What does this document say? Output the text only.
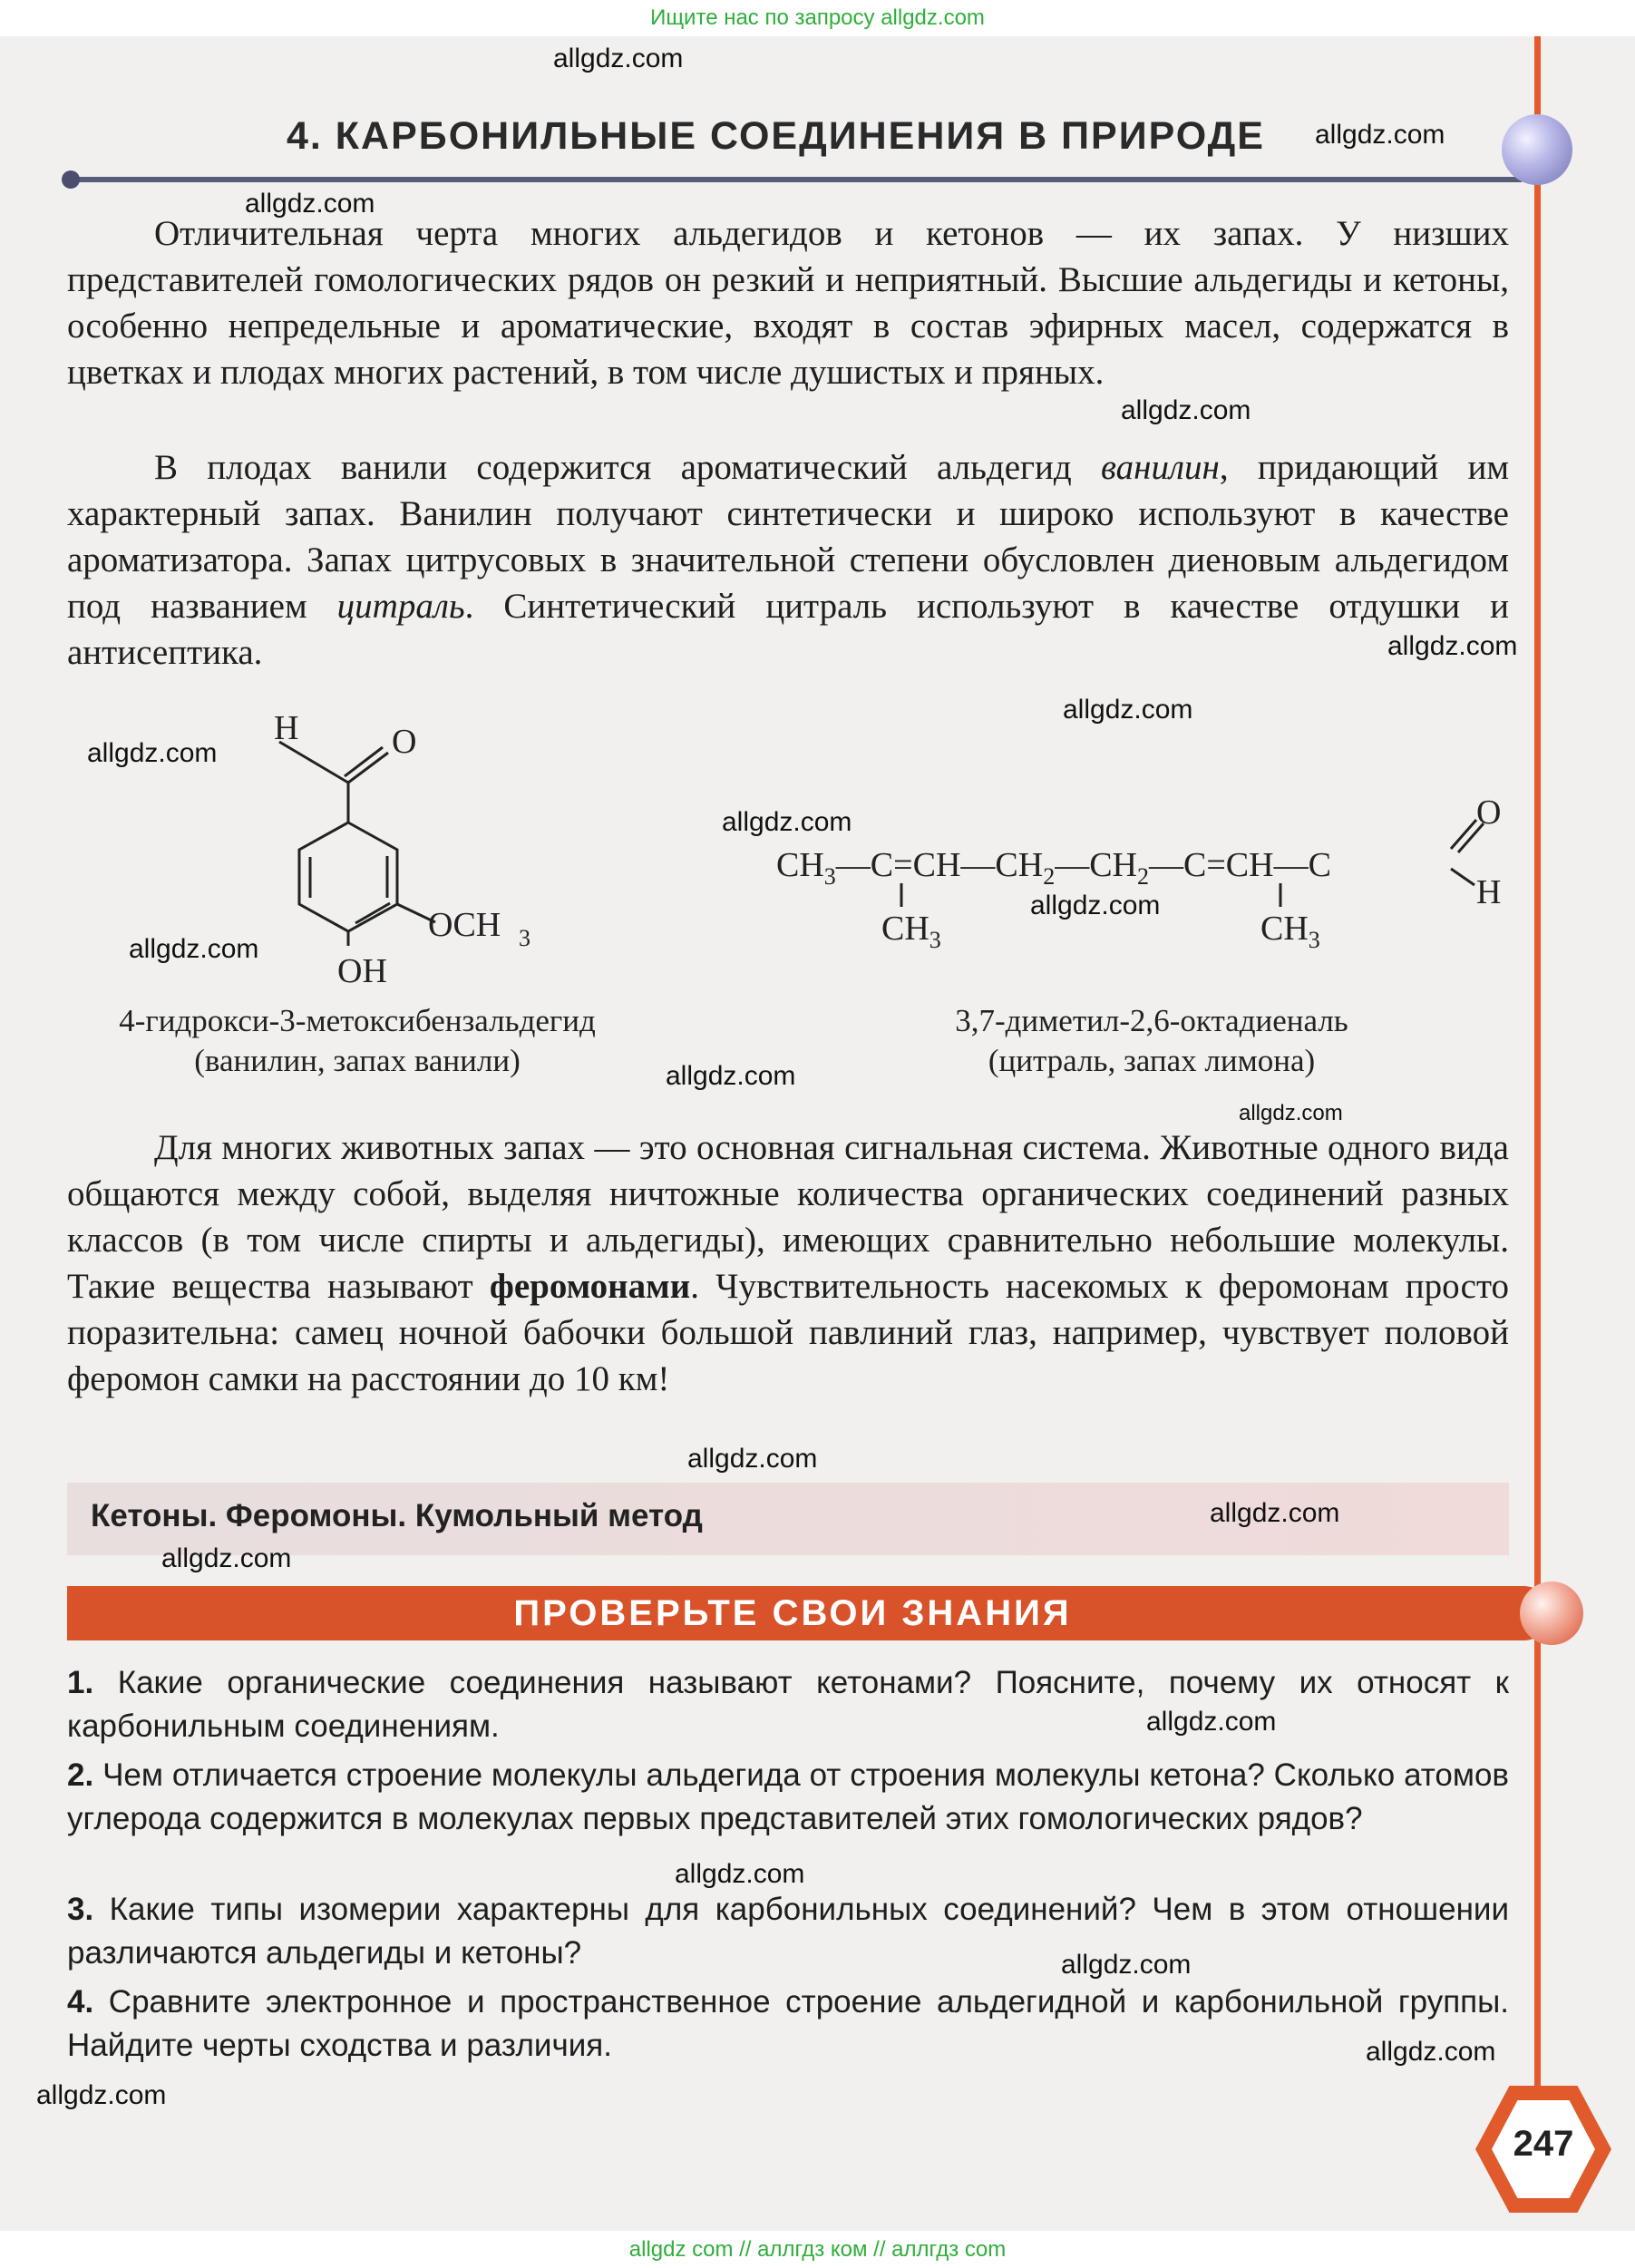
Ищите нас по запросу allgdz.com
4. КАРБОНИЛЬНЫЕ СОЕДИНЕНИЯ В ПРИРОДЕ

Отличительная черта многих альдегидов и кетонов — их запах. У низших представителей гомологических рядов он резкий и неприятный. Высшие альдегиды и кетоны, особенно непредельные и ароматические, входят в состав эфирных масел, содержатся в цветках и плодах многих растений, в том числе душистых и пряных.

В плодах ванили содержится ароматический альдегид ванилин, придающий им характерный запах. Ванилин получают синтетически и широко используют в качестве ароматизатора. Запах цитрусовых в значительной степени обусловлен диеновым альдегидом под названием цитраль. Синтетический цитраль используют в качестве отдушки и антисептика.

H	O
OCH 3
OH
$CH_3—C=CH—CH_2—CH_2—C=CH—C$
$CH_3$	$CH_3$
O
H
4-гидрокси-3-метоксибензальдегид
(ванилин, запах ванили)
3,7-диметил-2,6-октадиеналь
(цитраль, запах лимона)

Для многих животных запах — это основная сигнальная система. Животные одного вида общаются между собой, выделяя ничтожные количества органических соединений разных классов (в том числе спирты и альдегиды), имеющих сравнительно небольшие молекулы. Такие вещества называют феромонами. Чувствительность насекомых к феромонам просто поразительна: самец ночной бабочки большой павлиний глаз, например, чувствует половой феромон самки на расстоянии до 10 км!

Кетоны. Феромоны. Кумольный метод
ПРОВЕРЬТЕ СВОИ ЗНАНИЯ
1. Какие органические соединения называют кетонами? Поясните, почему их относят к карбонильным соединениям.
2. Чем отличается строение молекулы альдегида от строения молекулы кетона? Сколько атомов углерода содержится в молекулах первых представителей этих гомологических рядов?
3. Какие типы изомерии характерны для карбонильных соединений? Чем в этом отношении различаются альдегиды и кетоны?
4. Сравните электронное и пространственное строение альдегидной и карбонильной группы. Найдите черты сходства и различия.
247
allgdz.com
allgdz.com
allgdz.com
allgdz.com
allgdz.com
allgdz.com
allgdz.com
allgdz.com
allgdz.com
allgdz.com
allgdz.com
allgdz.com
allgdz.com
allgdz.com
allgdz.com
allgdz.com
allgdz.com
allgdz.com
allgdz.com
allgdz.com
allgdz com // аллгдз ком // аллгдз com
